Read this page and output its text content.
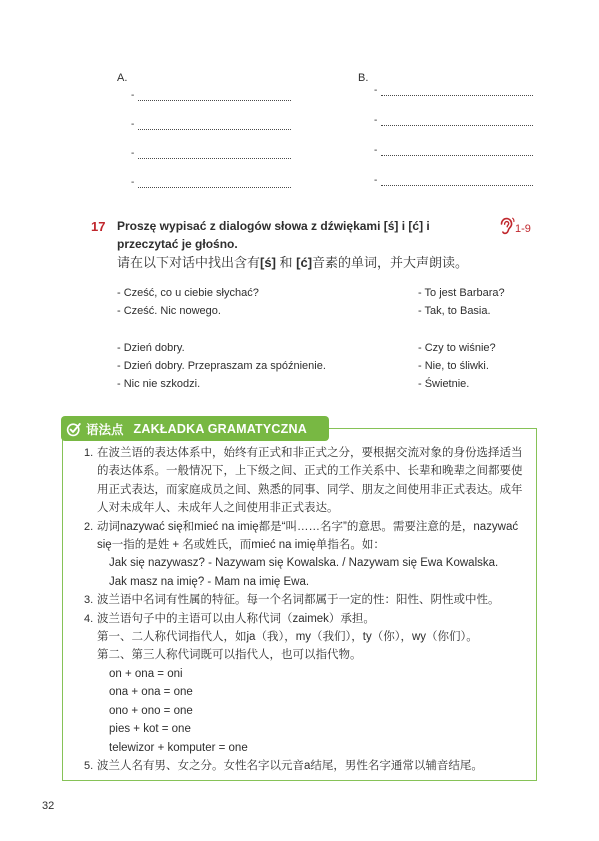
A.	B.
-
-
-
-
-
-
-
-
17 Proszę wypisać z dialogów słowa z dźwiękami [ś] i [ć] i
przeczytać je głośno.
请在以下对话中找出含有[ś] 和 [ć]音素的单词，并大声朗读。
1-9
- Cześć, co u ciebie słychać?
- Cześć. Nic nowego.
- Dzień dobry.
- Dzień dobry. Przepraszam za spóźnienie.
- Nic nie szkodzi.
- To jest Barbara?
- Tak, to Basia.
- Czy to wiśnie?
- Nie, to śliwki.
- Świetnie.
语法点 ZAKŁADKA GRAMATYCZNA
1. 在波兰语的表达体系中，始终有正式和非正式之分，要根据交流对象的身份选择适当
的表达体系。一般情况下，上下级之间、正式的工作关系中、长辈和晚辈之间都要使
用正式表达，而家庭成员之间、熟悉的同事、同学、朋友之间使用非正式表达。成年
人对未成年人、未成年人之间使用非正式表达。
2. 动词nazywać się和mieć na imię都是“叫……名字”的意思。需要注意的是，nazywać
się一指的是姓 + 名或姓氏，而mieć na imię单指名。如：
Jak się nazywasz? - Nazywam się Kowalska. / Nazywam się Ewa Kowalska.
Jak masz na imię? - Mam na imię Ewa.
3. 波兰语中名词有性属的特征。每一个名词都属于一定的性：阳性、阴性或中性。
4. 波兰语句子中的主语可以由人称代词（zaimek）承担。
第一、二人称代词指代人，如ja（我），my（我们），ty（你），wy（你们）。
第二、第三人称代词既可以指代人，也可以指代物。
on + ona = oni
ona + ona = one
ono + ono = one
pies + kot = one
telewizor + komputer = one
5. 波兰人名有男、女之分。女性名字以元音a结尾，男性名字通常以辅音结尾。
32
